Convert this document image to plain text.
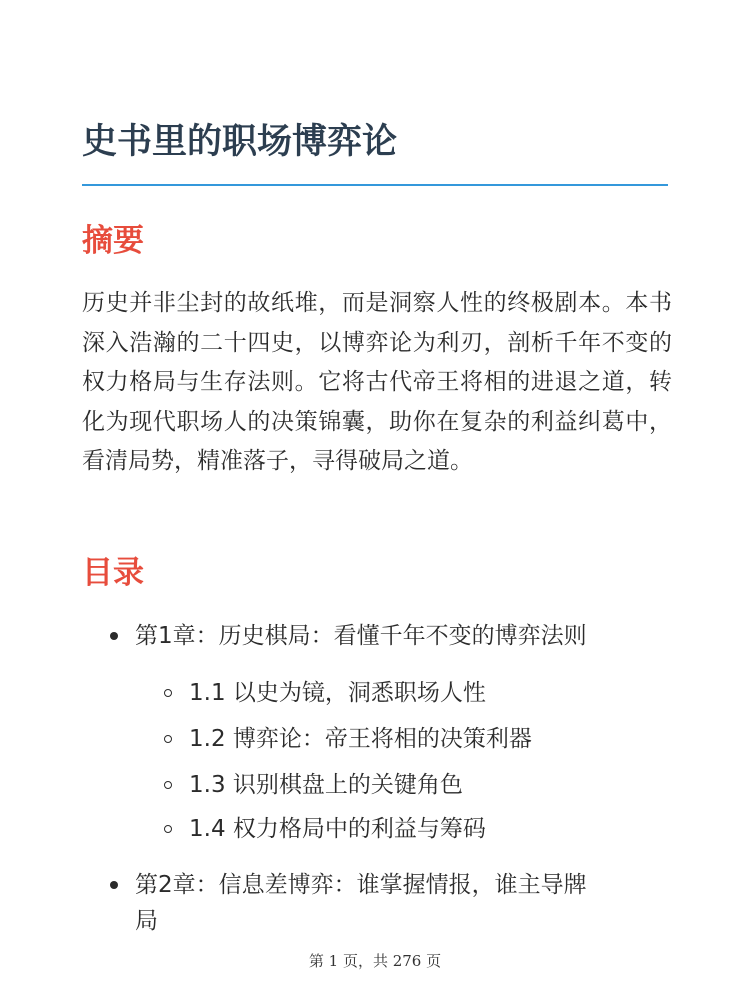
史书里的职场博弈论
摘要

历史并非尘封的故纸堆，而是洞察人性的终极剧本。本书深入浩瀚的二十四史，以博弈论为利刃，剖析千年不变的权力格局与生存法则。它将古代帝王将相的进退之道，转化为现代职场人的决策锦囊，助你在复杂的利益纠葛中，看清局势，精准落子，寻得破局之道。

目录
第1章：历史棋局：看懂千年不变的博弈法则
1.1 以史为镜，洞悉职场人性
1.2 博弈论：帝王将相的决策利器
1.3 识别棋盘上的关键角色
1.4 权力格局中的利益与筹码
第2章：信息差博弈：谁掌握情报，谁主导牌
局
第 1 页，共 276 页
